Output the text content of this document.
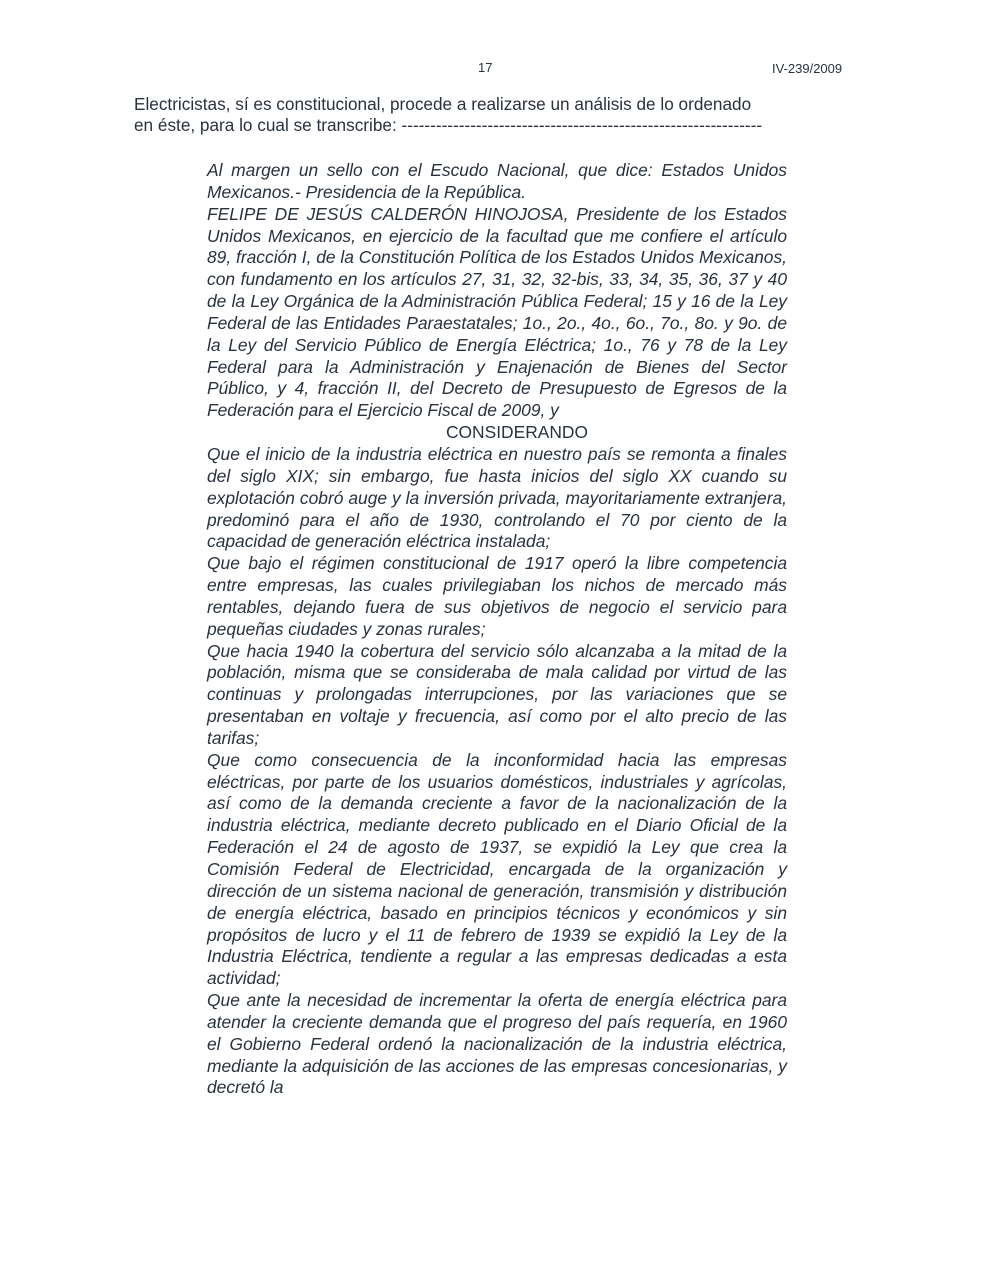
17	IV-239/2009
Electricistas, sí es constitucional, procede a realizarse un análisis de lo ordenado
en éste, para lo cual se transcribe: ---------------------------------------------------------------

Al margen un sello con el Escudo Nacional, que dice: Estados Unidos Mexicanos.- Presidencia de la República.

FELIPE DE JESÚS CALDERÓN HINOJOSA, Presidente de los Estados Unidos Mexicanos, en ejercicio de la facultad que me confiere el artículo 89, fracción I, de la Constitución Política de los Estados Unidos Mexicanos, con fundamento en los artículos 27, 31, 32, 32-bis, 33, 34, 35, 36, 37 y 40 de la Ley Orgánica de la Administración Pública Federal; 15 y 16 de la Ley Federal de las Entidades Paraestatales; 1o., 2o., 4o., 6o., 7o., 8o. y 9o. de la Ley del Servicio Público de Energía Eléctrica; 1o., 76 y 78 de la Ley Federal para la Administración y Enajenación de Bienes del Sector Público, y 4, fracción II, del Decreto de Presupuesto de Egresos de la Federación para el Ejercicio Fiscal de 2009, y

CONSIDERANDO

Que el inicio de la industria eléctrica en nuestro país se remonta a finales del siglo XIX; sin embargo, fue hasta inicios del siglo XX cuando su explotación cobró auge y la inversión privada, mayoritariamente extranjera, predominó para el año de 1930, controlando el 70 por ciento de la capacidad de generación eléctrica instalada;

Que bajo el régimen constitucional de 1917 operó la libre competencia entre empresas, las cuales privilegiaban los nichos de mercado más rentables, dejando fuera de sus objetivos de negocio el servicio para pequeñas ciudades y zonas rurales;

Que hacia 1940 la cobertura del servicio sólo alcanzaba a la mitad de la población, misma que se consideraba de mala calidad por virtud de las continuas y prolongadas interrupciones, por las variaciones que se presentaban en voltaje y frecuencia, así como por el alto precio de las tarifas;

Que como consecuencia de la inconformidad hacia las empresas eléctricas, por parte de los usuarios domésticos, industriales y agrícolas, así como de la demanda creciente a favor de la nacionalización de la industria eléctrica, mediante decreto publicado en el Diario Oficial de la Federación el 24 de agosto de 1937, se expidió la Ley que crea la Comisión Federal de Electricidad, encargada de la organización y dirección de un sistema nacional de generación, transmisión y distribución de energía eléctrica, basado en principios técnicos y económicos y sin propósitos de lucro y el 11 de febrero de 1939 se expidió la Ley de la Industria Eléctrica, tendiente a regular a las empresas dedicadas a esta actividad;

Que ante la necesidad de incrementar la oferta de energía eléctrica para atender la creciente demanda que el progreso del país requería, en 1960 el Gobierno Federal ordenó la nacionalización de la industria eléctrica, mediante la adquisición de las acciones de las empresas concesionarias, y decretó la
